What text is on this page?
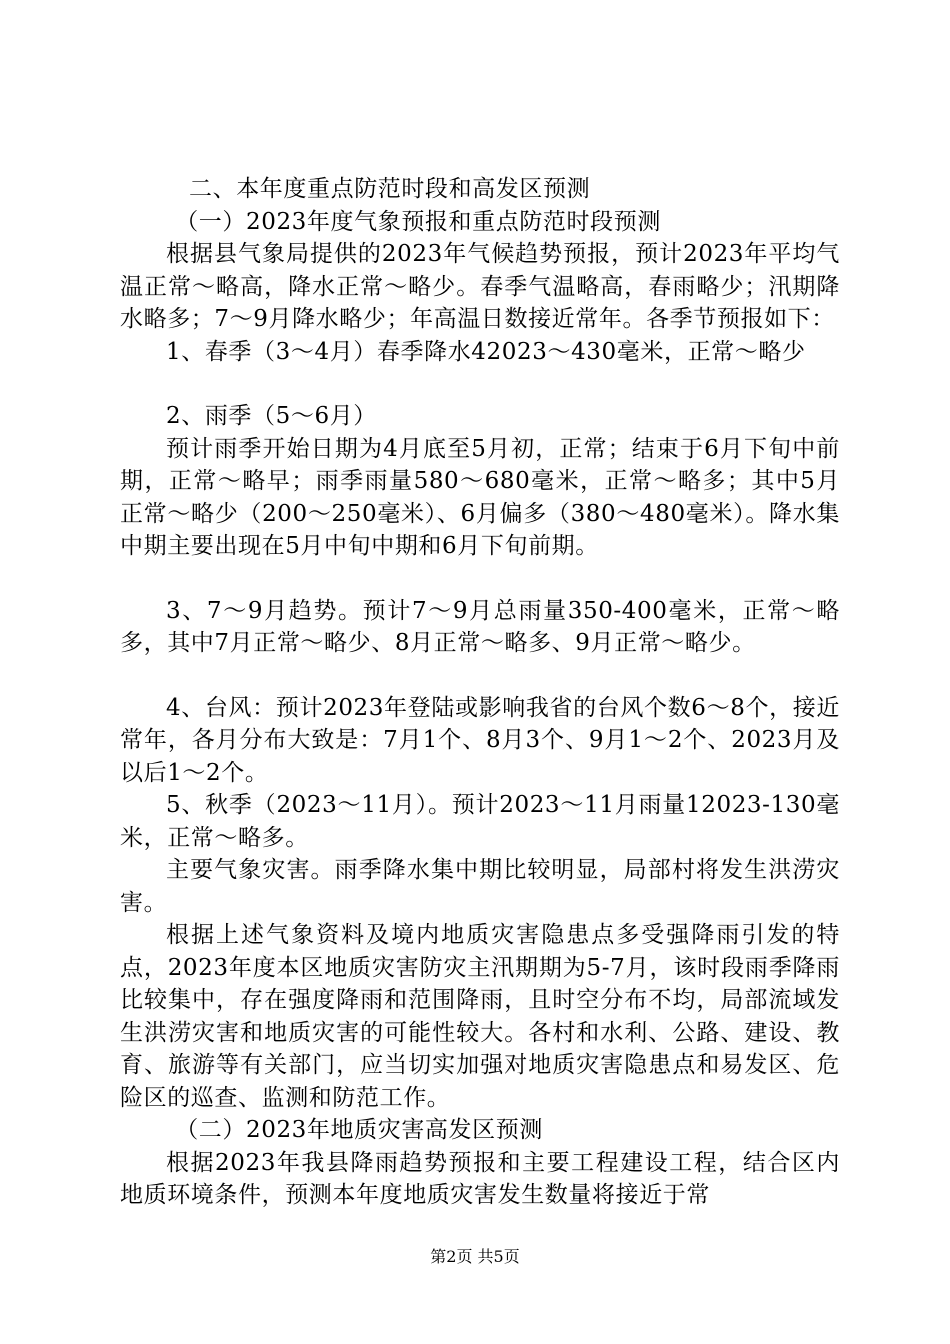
二、本年度重点防范时段和高发区预测

（一）2023年度气象预报和重点防范时段预测

根据县气象局提供的2023年气候趋势预报，预计2023年平均气温正常～略高，降水正常～略少。春季气温略高，春雨略少；汛期降水略多；7～9月降水略少；年高温日数接近常年。各季节预报如下：

1、春季（3～4月）春季降水42023～430毫米，正常～略少

2、雨季（5～6月）

预计雨季开始日期为4月底至5月初，正常；结束于6月下旬中前期，正常～略早；雨季雨量580～680毫米，正常～略多；其中5月正常～略少（200～250毫米）、6月偏多（380～480毫米）。降水集中期主要出现在5月中旬中期和6月下旬前期。

3、7～9月趋势。预计7～9月总雨量350-400毫米，正常～略多，其中7月正常～略少、8月正常～略多、9月正常～略少。

4、台风：预计2023年登陆或影响我省的台风个数6～8个，接近常年，各月分布大致是：7月1个、8月3个、9月1～2个、2023月及以后1～2个。

5、秋季（2023～11月）。预计2023～11月雨量12023-130毫米，正常～略多。

主要气象灾害。雨季降水集中期比较明显，局部村将发生洪涝灾害。

根据上述气象资料及境内地质灾害隐患点多受强降雨引发的特点，2023年度本区地质灾害防灾主汛期期为5-7月，该时段雨季降雨比较集中，存在强度降雨和范围降雨，且时空分布不均，局部流域发生洪涝灾害和地质灾害的可能性较大。各村和水利、公路、建设、教育、旅游等有关部门，应当切实加强对地质灾害隐患点和易发区、危险区的巡查、监测和防范工作。

（二）2023年地质灾害高发区预测

根据2023年我县降雨趋势预报和主要工程建设工程，结合区内地质环境条件，预测本年度地质灾害发生数量将接近于常

第2页 共5页
